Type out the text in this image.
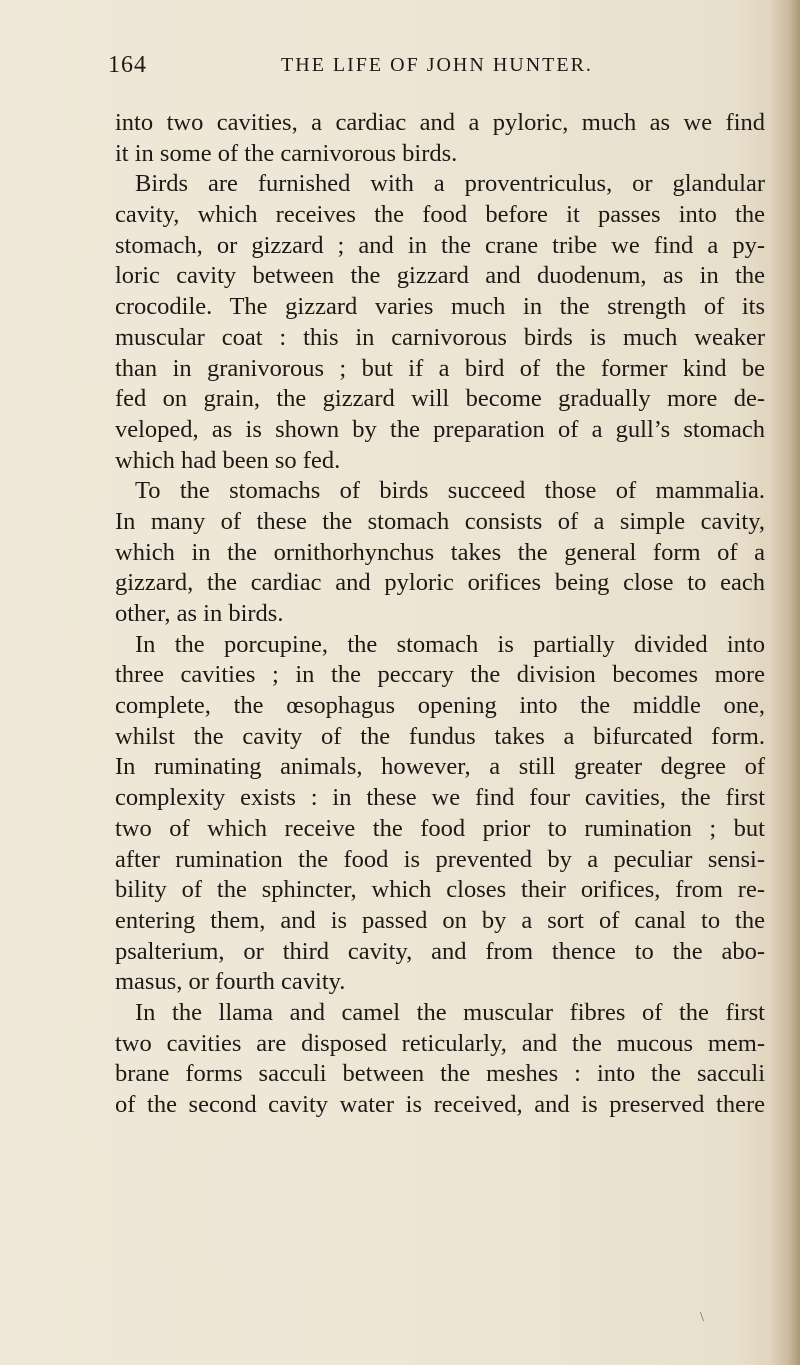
164	THE LIFE OF JOHN HUNTER.
into two cavities, a cardiac and a pyloric, much as we find
it in some of the carnivorous birds.
Birds are furnished with a proventriculus, or glandular
cavity, which receives the food before it passes into the
stomach, or gizzard ; and in the crane tribe we find a py-
loric cavity between the gizzard and duodenum, as in the
crocodile. The gizzard varies much in the strength of its
muscular coat : this in carnivorous birds is much weaker
than in granivorous ; but if a bird of the former kind be
fed on grain, the gizzard will become gradually more de-
veloped, as is shown by the preparation of a gull’s stomach
which had been so fed.
To the stomachs of birds succeed those of mammalia.
In many of these the stomach consists of a simple cavity,
which in the ornithorhynchus takes the general form of a
gizzard, the cardiac and pyloric orifices being close to each
other, as in birds.
In the porcupine, the stomach is partially divided into
three cavities ; in the peccary the division becomes more
complete, the œsophagus opening into the middle one,
whilst the cavity of the fundus takes a bifurcated form.
In ruminating animals, however, a still greater degree of
complexity exists : in these we find four cavities, the first
two of which receive the food prior to rumination ; but
after rumination the food is prevented by a peculiar sensi-
bility of the sphincter, which closes their orifices, from re-
entering them, and is passed on by a sort of canal to the
psalterium, or third cavity, and from thence to the abo-
masus, or fourth cavity.
In the llama and camel the muscular fibres of the first
two cavities are disposed reticularly, and the mucous mem-
brane forms sacculi between the meshes : into the sacculi
of the second cavity water is received, and is preserved there
\
